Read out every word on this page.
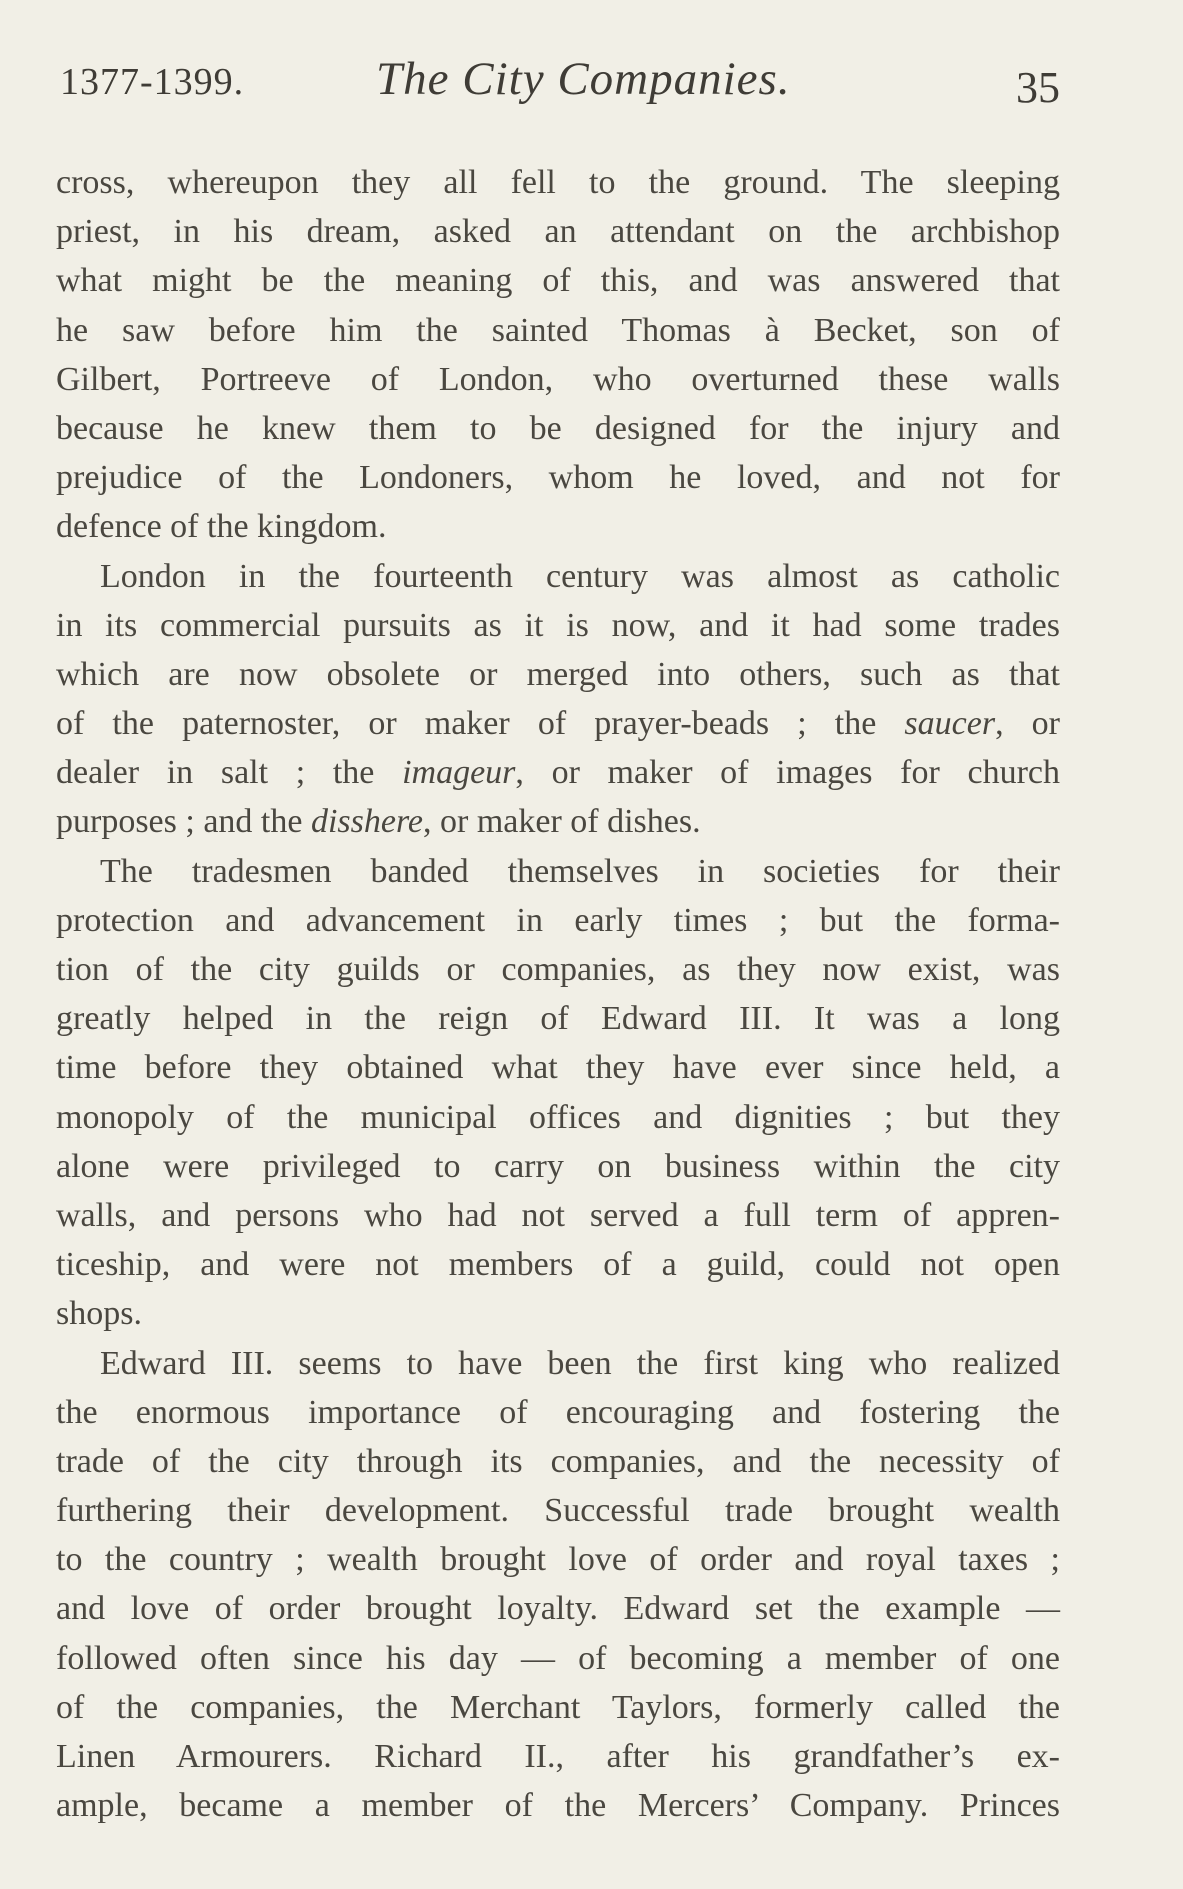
1377-1399.	The City Companies.	35
cross, whereupon they all fell to the ground. The sleeping
priest, in his dream, asked an attendant on the archbishop
what might be the meaning of this, and was answered that
he saw before him the sainted Thomas à Becket, son of
Gilbert, Portreeve of London, who overturned these walls
because he knew them to be designed for the injury and
prejudice of the Londoners, whom he loved, and not for
defence of the kingdom.
London in the fourteenth century was almost as catholic
in its commercial pursuits as it is now, and it had some trades
which are now obsolete or merged into others, such as that
of the paternoster, or maker of prayer-beads ; the saucer, or
dealer in salt ; the imageur, or maker of images for church
purposes ; and the disshere, or maker of dishes.
The tradesmen banded themselves in societies for their
protection and advancement in early times ; but the forma-
tion of the city guilds or companies, as they now exist, was
greatly helped in the reign of Edward III. It was a long
time before they obtained what they have ever since held, a
monopoly of the municipal offices and dignities ; but they
alone were privileged to carry on business within the city
walls, and persons who had not served a full term of appren-
ticeship, and were not members of a guild, could not open
shops.
Edward III. seems to have been the first king who realized
the enormous importance of encouraging and fostering the
trade of the city through its companies, and the necessity of
furthering their development. Successful trade brought wealth
to the country ; wealth brought love of order and royal taxes ;
and love of order brought loyalty. Edward set the example —
followed often since his day — of becoming a member of one
of the companies, the Merchant Taylors, formerly called the
Linen Armourers. Richard II., after his grandfather’s ex-
ample, became a member of the Mercers’ Company. Princes
